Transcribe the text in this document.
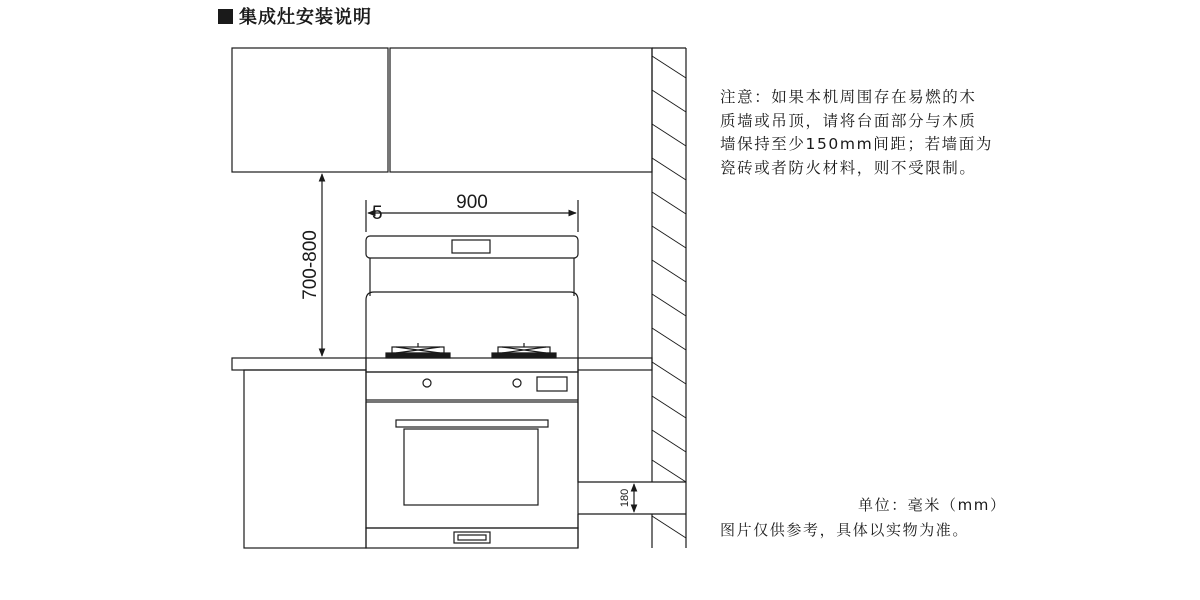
集成灶安装说明
900
5
700-800
180

注意：如果本机周围存在易燃的木

质墙或吊顶，请将台面部分与木质

墙保持至少150mm间距；若墙面为

瓷砖或者防火材料，则不受限制。

单位：毫米（mm）
图片仅供参考，具体以实物为准。
